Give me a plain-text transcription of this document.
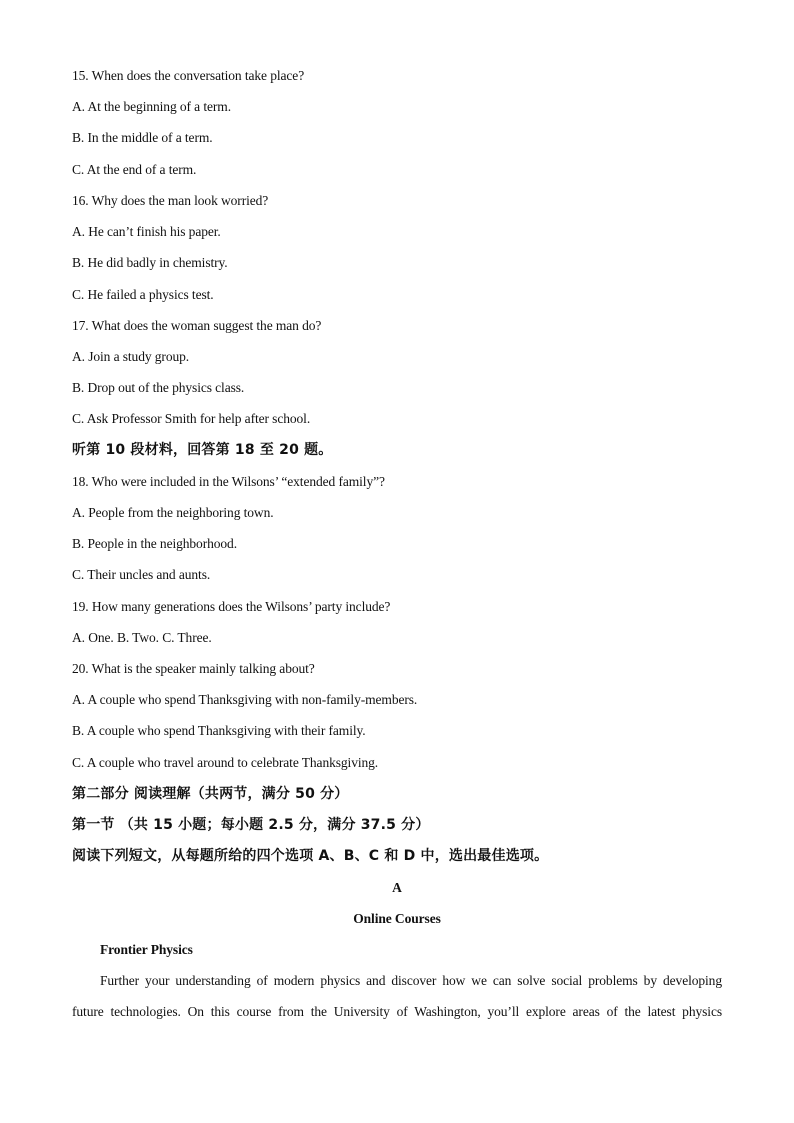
15. When does the conversation take place?
A. At the beginning of a term.
B. In the middle of a term.
C. At the end of a term.
16. Why does the man look worried?
A. He can’t finish his paper.
B. He did badly in chemistry.
C. He failed a physics test.
17. What does the woman suggest the man do?
A. Join a study group.
B. Drop out of the physics class.
C. Ask Professor Smith for help after school.
听第 10 段材料，回答第 18 至 20 题。
18. Who were included in the Wilsons’ “extended family”?
A. People from the neighboring town.
B. People in the neighborhood.
C. Their uncles and aunts.
19. How many generations does the Wilsons’ party include?
A. One. B. Two. C. Three.
20. What is the speaker mainly talking about?
A. A couple who spend Thanksgiving with non-family-members.
B. A couple who spend Thanksgiving with their family.
C. A couple who travel around to celebrate Thanksgiving.
第二部分 阅读理解（共两节，满分 50 分）
第一节 （共 15 小题；每小题 2.5 分，满分 37.5 分）
阅读下列短文，从每题所给的四个选项 A、B、C 和 D 中，选出最佳选项。
A
Online Courses
Frontier Physics
Further your understanding of modern physics and discover how we can solve social problems by developing
future technologies. On this course from the University of Washington, you’ll explore areas of the latest physics
